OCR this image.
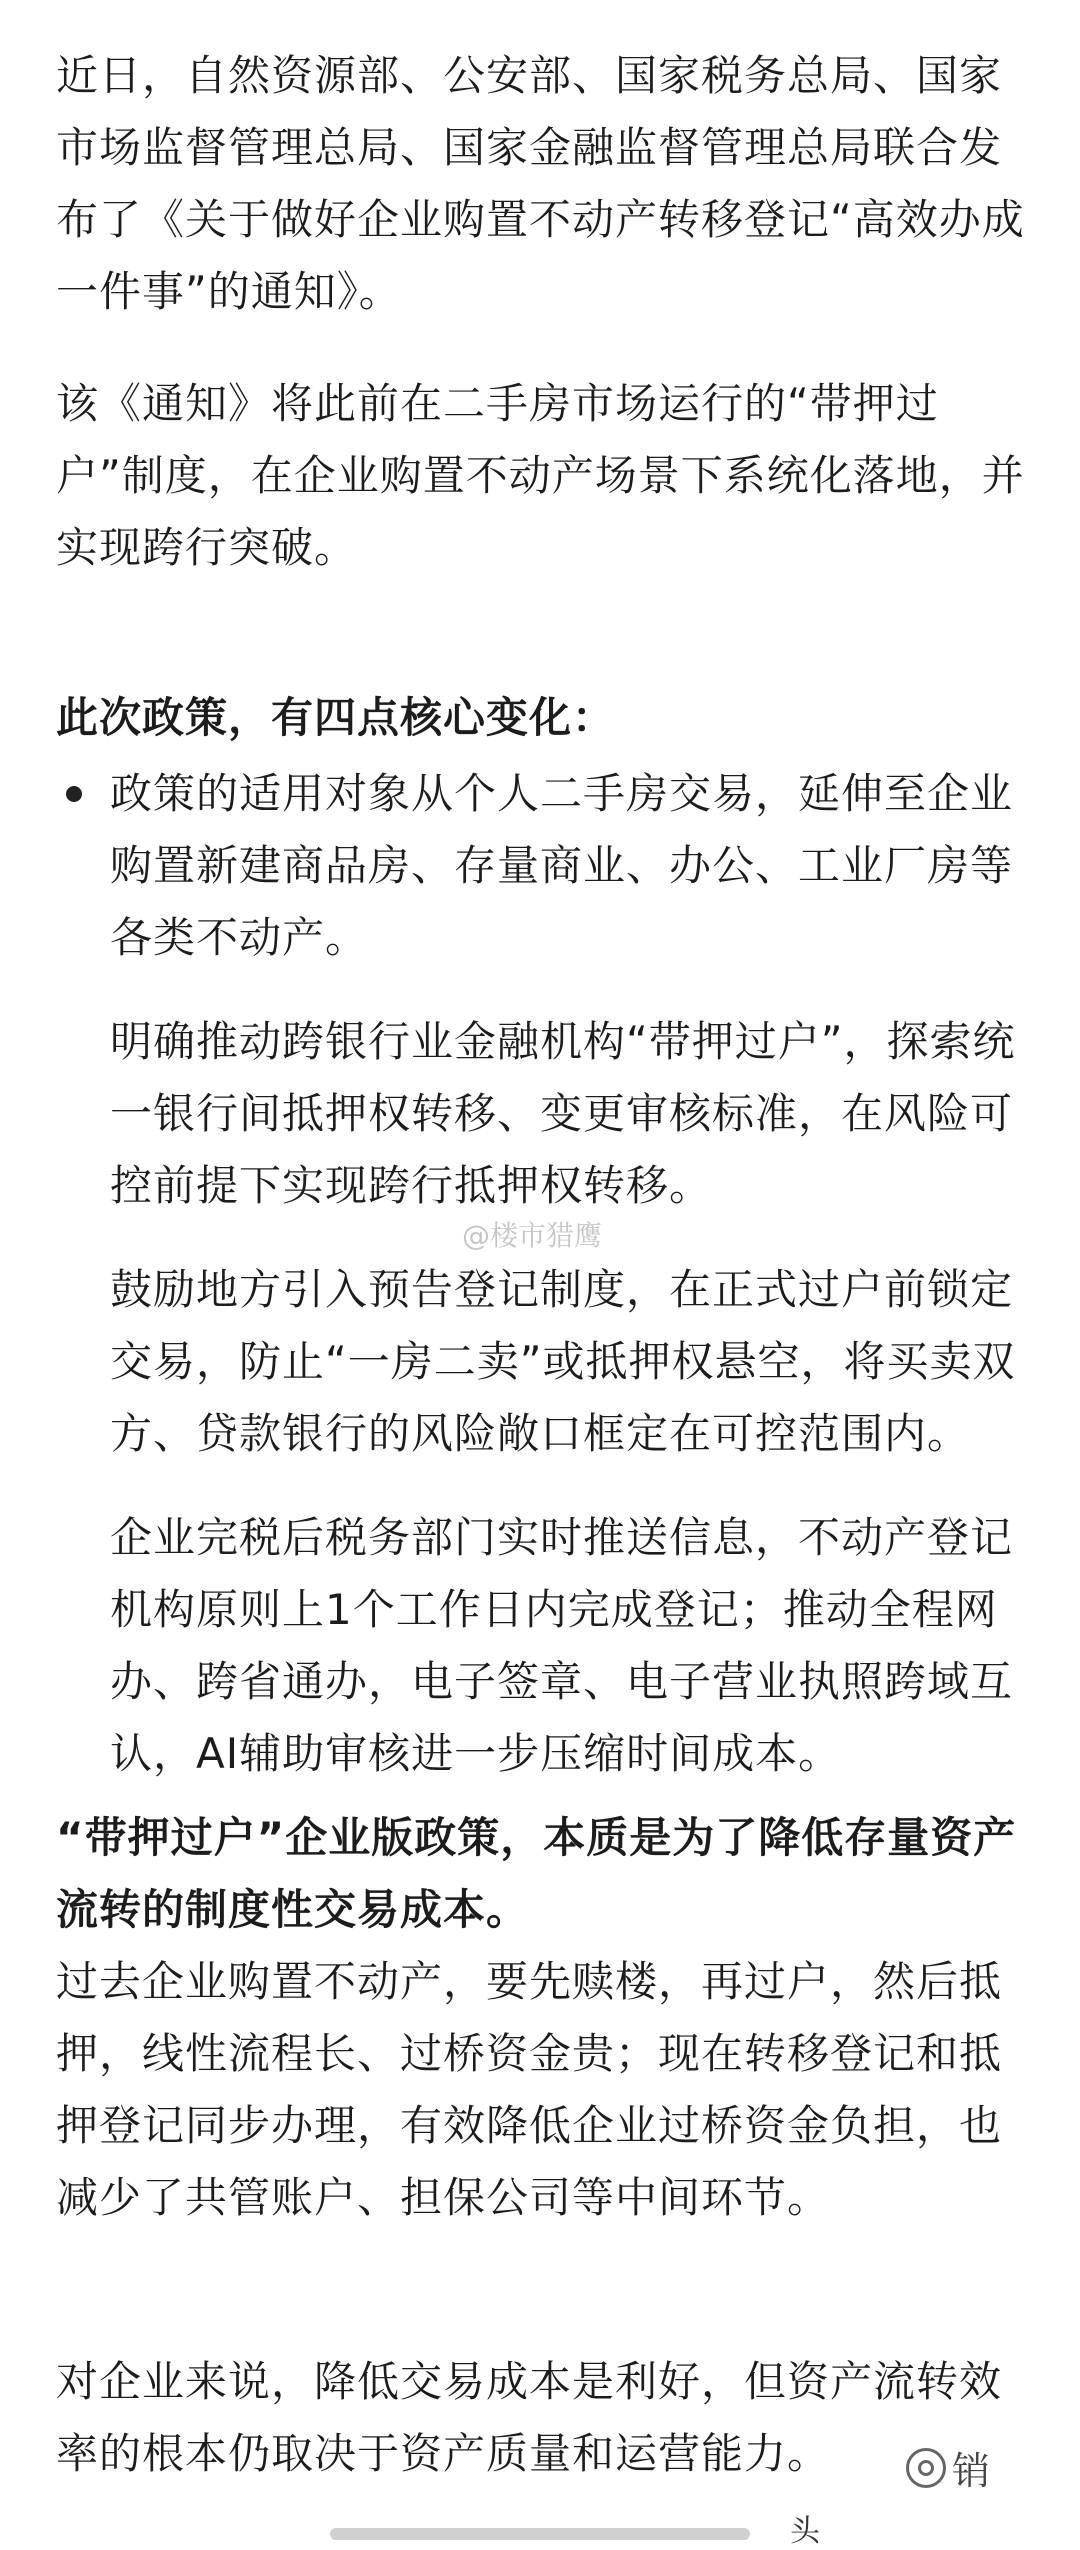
近日，自然资源部、公安部、国家税务总局、国家市场监督管理总局、国家金融监督管理总局联合发布了《关于做好企业购置不动产转移登记“高效办成一件事”的通知》。

该《通知》将此前在二手房市场运行的“带押过户”制度，在企业购置不动产场景下系统化落地，并实现跨行突破。

此次政策，有四点核心变化：

政策的适用对象从个人二手房交易，延伸至企业购置新建商品房、存量商业、办公、工业厂房等各类不动产。

明确推动跨银行业金融机构“带押过户”，探索统一银行间抵押权转移、变更审核标准，在风险可控前提下实现跨行抵押权转移。

鼓励地方引入预告登记制度，在正式过户前锁定交易，防止“一房二卖”或抵押权悬空，将买卖双方、贷款银行的风险敞口框定在可控范围内。

企业完税后税务部门实时推送信息，不动产登记机构原则上1个工作日内完成登记；推动全程网办、跨省通办，电子签章、电子营业执照跨域互认，AI辅助审核进一步压缩时间成本。

“带押过户”企业版政策，本质是为了降低存量资产流转的制度性交易成本。

过去企业购置不动产，要先赎楼，再过户，然后抵押，线性流程长、过桥资金贵；现在转移登记和抵押登记同步办理，有效降低企业过桥资金负担，也减少了共管账户、担保公司等中间环节。

对企业来说，降低交易成本是利好，但资产流转效率的根本仍取决于资产质量和运营能力。

@楼市猎鹰
销
头
